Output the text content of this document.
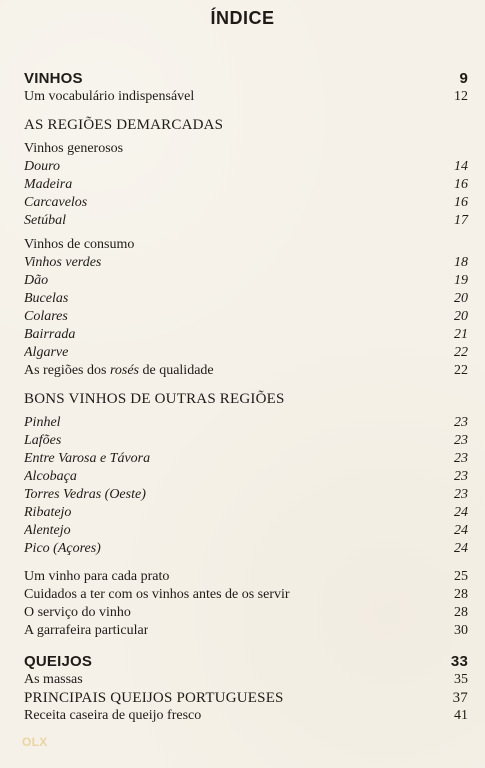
ÍNDICE
VINHOS	9
Um vocabulário indispensável	12
AS REGIÕES DEMARCADAS
Vinhos generosos
Douro	14
Madeira	16
Carcavelos	16
Setúbal	17
Vinhos de consumo
Vinhos verdes	18
Dão	19
Bucelas	20
Colares	20
Bairrada	21
Algarve	22
As regiões dos rosés de qualidade	22
BONS VINHOS DE OUTRAS REGIÕES
Pinhel	23
Lafões	23
Entre Varosa e Távora	23
Alcobaça	23
Torres Vedras (Oeste)	23
Ribatejo	24
Alentejo	24
Pico (Açores)	24
Um vinho para cada prato	25
Cuidados a ter com os vinhos antes de os servir	28
O serviço do vinho	28
A garrafeira particular	30
QUEIJOS	33
As massas	35
PRINCIPAIS QUEIJOS PORTUGUESES	37
Receita caseira de queijo fresco	41
OLX
